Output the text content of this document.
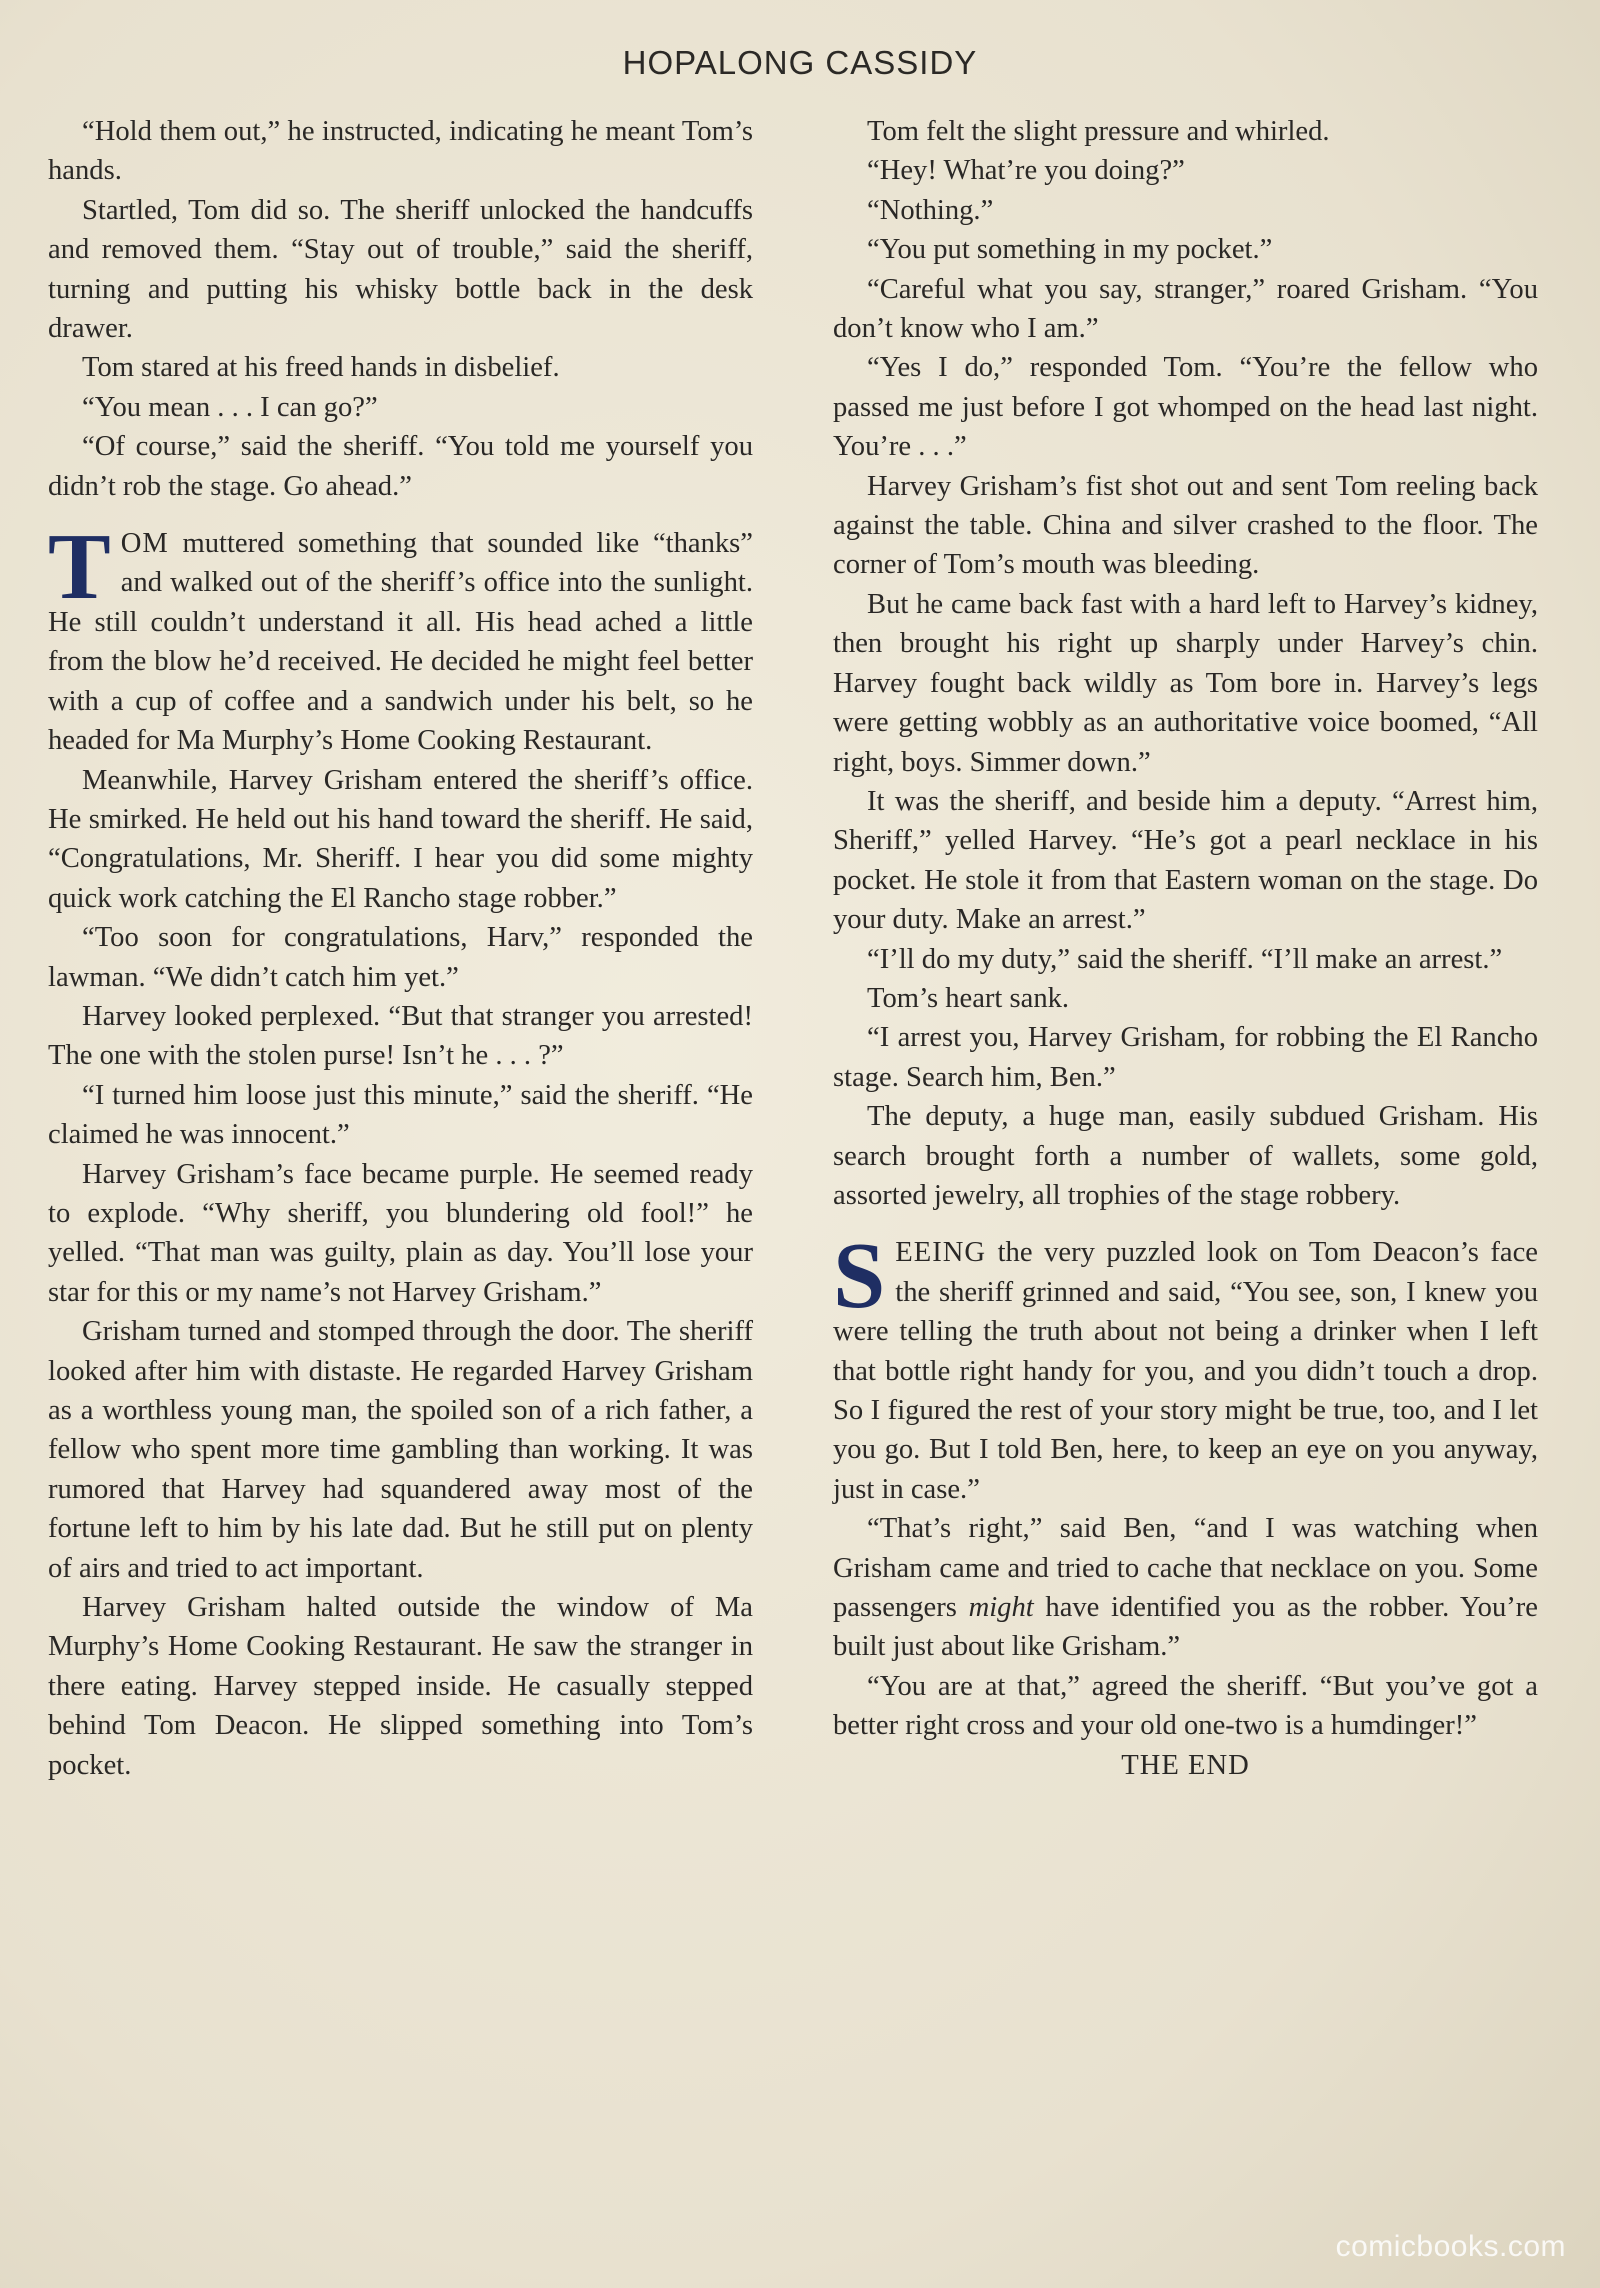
HOPALONG CASSIDY

“Hold them out,” he instructed, indicating he meant Tom’s hands.

Startled, Tom did so. The sheriff unlocked the handcuffs and removed them. “Stay out of trouble,” said the sheriff, turning and putting his whisky bottle back in the desk drawer.

Tom stared at his freed hands in disbelief.

“You mean . . . I can go?”

“Of course,” said the sheriff. “You told me yourself you didn’t rob the stage. Go ahead.”

TOM muttered something that sounded like “thanks” and walked out of the sheriff’s office into the sunlight. He still couldn’t understand it all. His head ached a little from the blow he’d received. He decided he might feel better with a cup of coffee and a sandwich under his belt, so he headed for Ma Murphy’s Home Cooking Restaurant.

Meanwhile, Harvey Grisham entered the sheriff’s office. He smirked. He held out his hand toward the sheriff. He said, “Congratulations, Mr. Sheriff. I hear you did some mighty quick work catching the El Rancho stage robber.”

“Too soon for congratulations, Harv,” responded the lawman. “We didn’t catch him yet.”

Harvey looked perplexed. “But that stranger you arrested! The one with the stolen purse! Isn’t he . . . ?”

“I turned him loose just this minute,” said the sheriff. “He claimed he was innocent.”

Harvey Grisham’s face became purple. He seemed ready to explode. “Why sheriff, you blundering old fool!” he yelled. “That man was guilty, plain as day. You’ll lose your star for this or my name’s not Harvey Grisham.”

Grisham turned and stomped through the door. The sheriff looked after him with distaste. He regarded Harvey Grisham as a worthless young man, the spoiled son of a rich father, a fellow who spent more time gambling than working. It was rumored that Harvey had squandered away most of the fortune left to him by his late dad. But he still put on plenty of airs and tried to act important.

Harvey Grisham halted outside the window of Ma Murphy’s Home Cooking Restaurant. He saw the stranger in there eating. Harvey stepped inside. He casually stepped behind Tom Deacon. He slipped something into Tom’s pocket.

Tom felt the slight pressure and whirled.

“Hey! What’re you doing?”

“Nothing.”

“You put something in my pocket.”

“Careful what you say, stranger,” roared Grisham. “You don’t know who I am.”

“Yes I do,” responded Tom. “You’re the fellow who passed me just before I got whomped on the head last night. You’re . . .”

Harvey Grisham’s fist shot out and sent Tom reeling back against the table. China and silver crashed to the floor. The corner of Tom’s mouth was bleeding.

But he came back fast with a hard left to Harvey’s kidney, then brought his right up sharply under Harvey’s chin. Harvey fought back wildly as Tom bore in. Harvey’s legs were getting wobbly as an authoritative voice boomed, “All right, boys. Simmer down.”

It was the sheriff, and beside him a deputy. “Arrest him, Sheriff,” yelled Harvey. “He’s got a pearl necklace in his pocket. He stole it from that Eastern woman on the stage. Do your duty. Make an arrest.”

“I’ll do my duty,” said the sheriff. “I’ll make an arrest.”

Tom’s heart sank.

“I arrest you, Harvey Grisham, for robbing the El Rancho stage. Search him, Ben.”

The deputy, a huge man, easily subdued Grisham. His search brought forth a number of wallets, some gold, assorted jewelry, all trophies of the stage robbery.

SEEING the very puzzled look on Tom Deacon’s face the sheriff grinned and said, “You see, son, I knew you were telling the truth about not being a drinker when I left that bottle right handy for you, and you didn’t touch a drop. So I figured the rest of your story might be true, too, and I let you go. But I told Ben, here, to keep an eye on you anyway, just in case.”

“That’s right,” said Ben, “and I was watching when Grisham came and tried to cache that necklace on you. Some passengers might have identified you as the robber. You’re built just about like Grisham.”

“You are at that,” agreed the sheriff. “But you’ve got a better right cross and your old one-two is a humdinger!”

THE END

comicbooks.com
